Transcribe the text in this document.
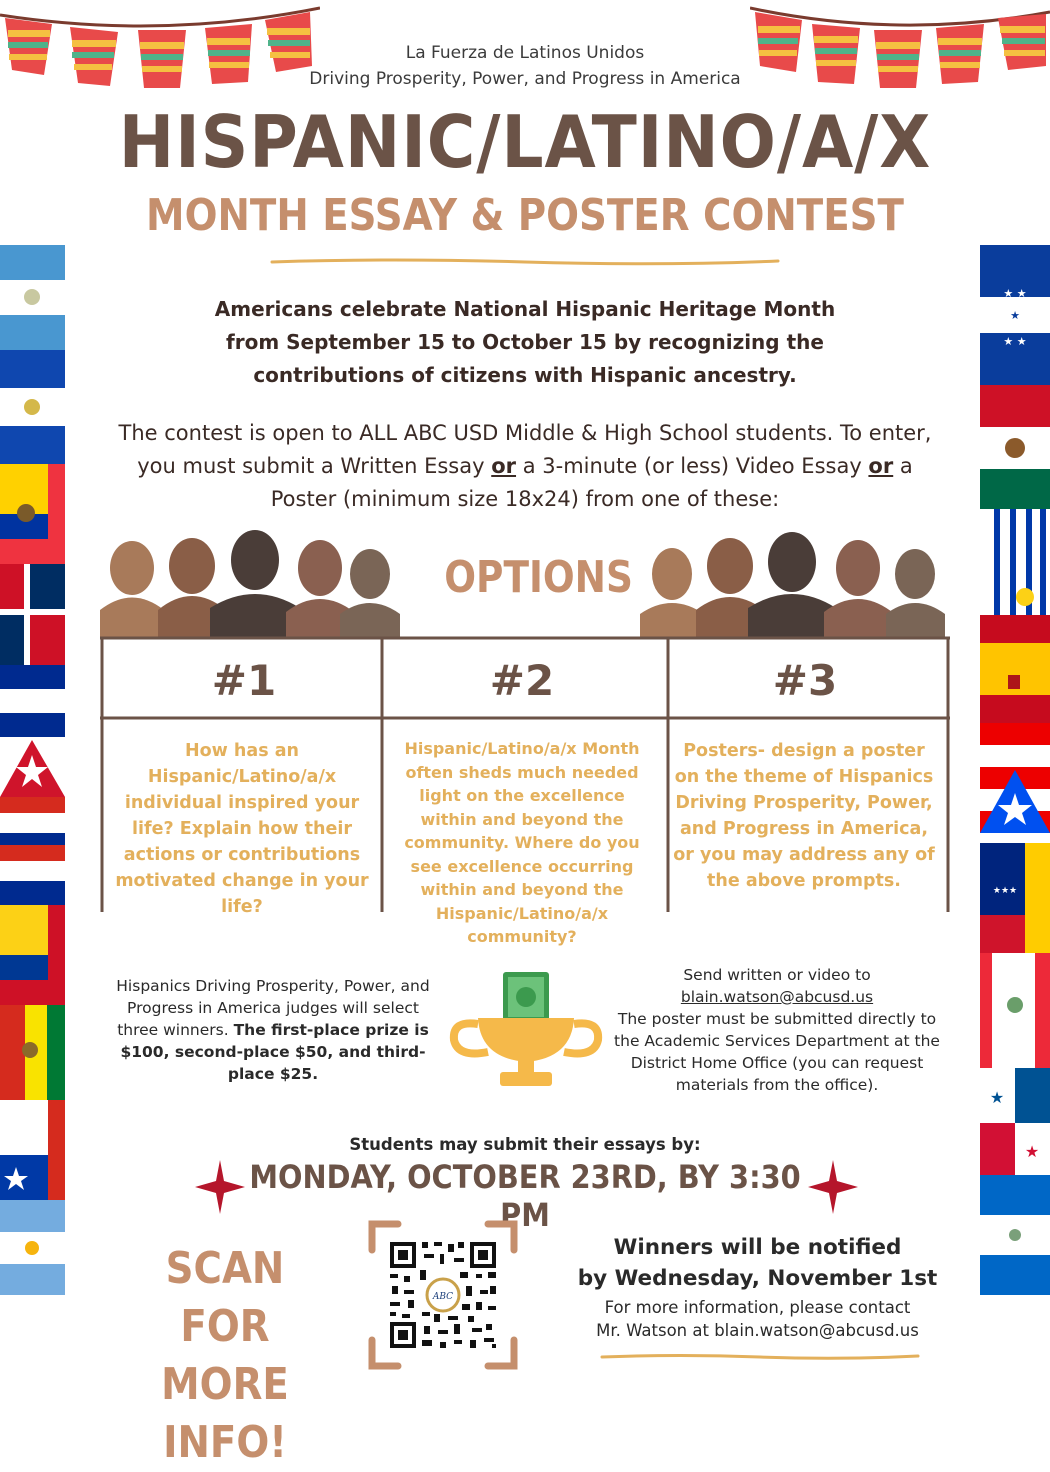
★ ★
★
★ ★
★★★
★
★
La Fuerza de Latinos Unidos
Driving Prosperity, Power, and Progress in America
HISPANIC/LATINO/A/X
MONTH ESSAY & POSTER CONTEST
Americans celebrate National Hispanic Heritage Month
from September 15 to October 15 by recognizing the
contributions of citizens with Hispanic ancestry.
The contest is open to ALL ABC USD Middle & High School students. To enter, you must submit a Written Essay or a 3-minute (or less) Video Essay or a Poster (minimum size 18x24) from one of these:
OPTIONS
#1	#2	#3
How has an Hispanic/Latino/a/x individual inspired your life? Explain how their actions or contributions motivated change in your life?
Hispanic/Latino/a/x Month often sheds much needed light on the excellence within and beyond the community. Where do you see excellence occurring within and beyond the Hispanic/Latino/a/x community?
Posters- design a poster on the theme of Hispanics Driving Prosperity, Power, and Progress in America, or you may address any of the above prompts.
Hispanics Driving Prosperity, Power, and Progress in America judges will select three winners. The first-place prize is $100, second-place $50, and third-place $25.
Send written or video to
blain.watson@abcusd.us
The poster must be submitted directly to the Academic Services Department at the District Home Office (you can request materials from the office).
Students may submit their essays by:
MONDAY, OCTOBER 23RD, BY 3:30 PM
SCAN FOR
MORE INFO!
ABC
Winners will be notified
by Wednesday, November 1st
For more information, please contact
Mr. Watson at blain.watson@abcusd.us
